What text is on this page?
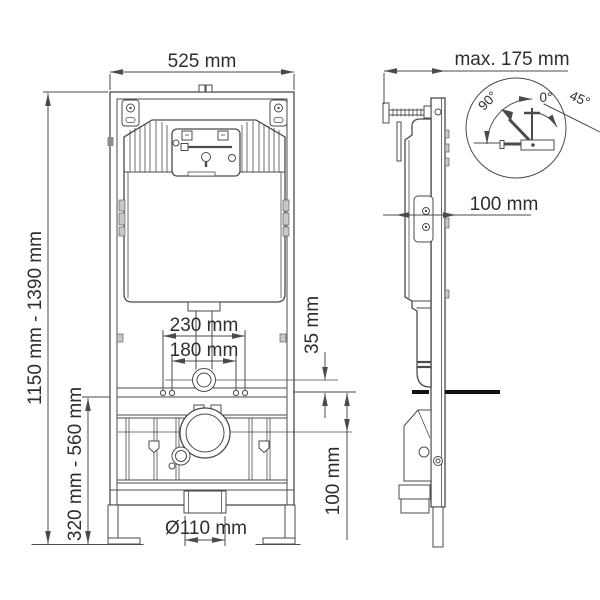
90°	0° 45°
525 mm
1150 mm - 1390 mm
320 mm - 560 mm
230 mm
180 mm	35 mm
100 mm
Ø110 mm
max. 175 mm
100 mm
